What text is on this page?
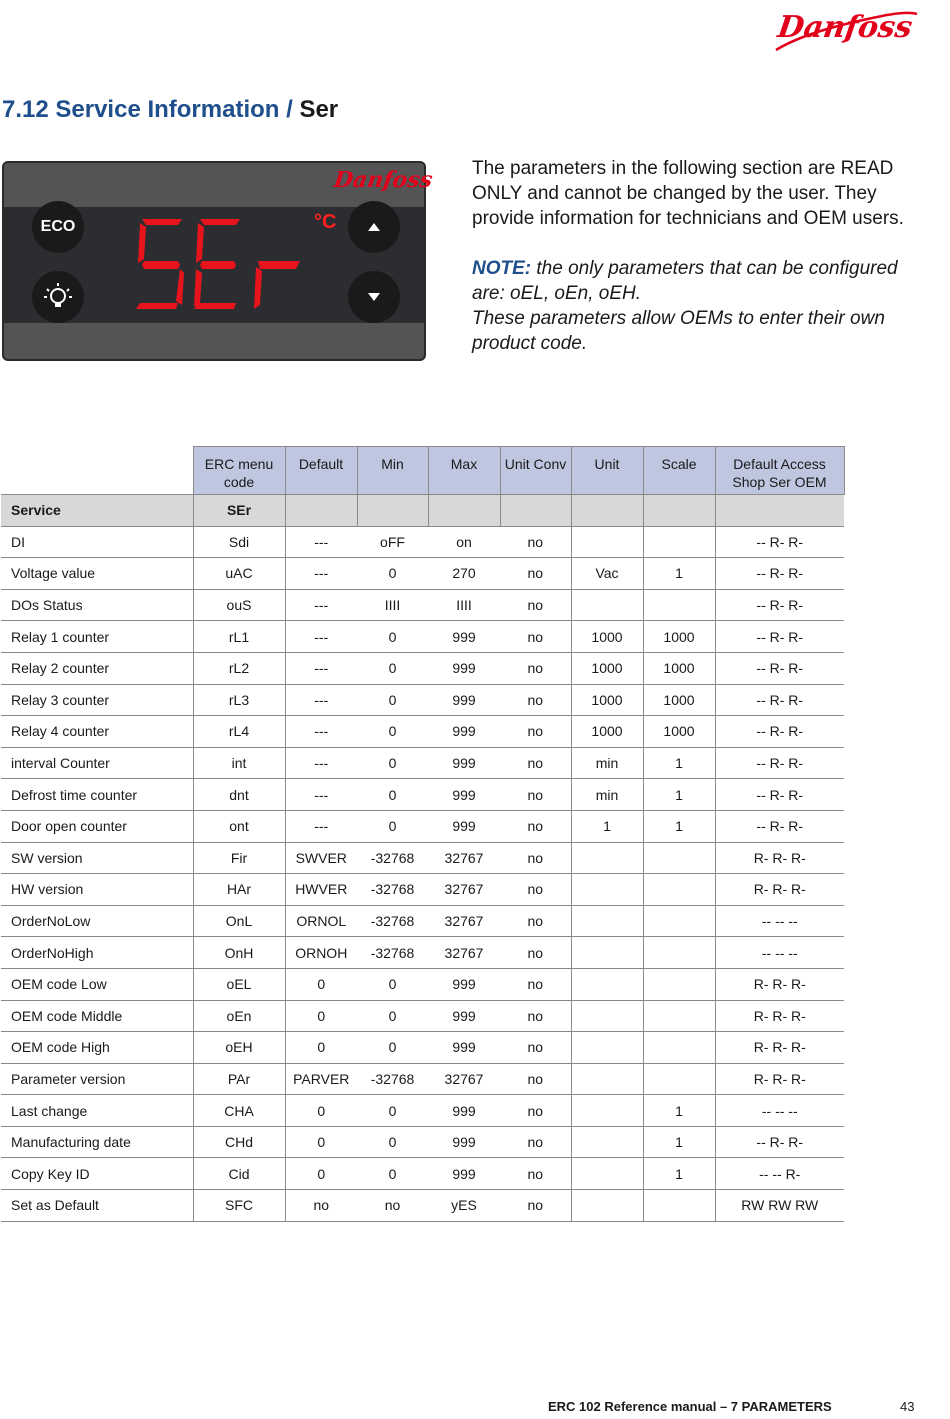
Danfoss
7.12 Service Information / Ser
Danfoss
ECO	°C

The parameters in the following section are READ ONLY and cannot be changed by the user. They provide information for technicians and OEM users.

NOTE: the only parameters that can be configured are: oEL, oEn, oEH.
These parameters allow OEMs to enter their own product code.

	ERC menu code	Default	Min	Max	Unit Conv	Unit	Scale	Default Access Shop Ser OEM
Service	SEr							
DI	Sdi	---	oFF	on	no			-- R- R-
Voltage value	uAC	---	0	270	no	Vac	1	-- R- R-
DOs Status	ouS	---	IIII	IIII	no			-- R- R-
Relay 1 counter	rL1	---	0	999	no	1000	1000	-- R- R-
Relay 2 counter	rL2	---	0	999	no	1000	1000	-- R- R-
Relay 3 counter	rL3	---	0	999	no	1000	1000	-- R- R-
Relay 4 counter	rL4	---	0	999	no	1000	1000	-- R- R-
interval Counter	int	---	0	999	no	min	1	-- R- R-
Defrost time counter	dnt	---	0	999	no	min	1	-- R- R-
Door open counter	ont	---	0	999	no	1	1	-- R- R-
SW version	Fir	SWVER	-32768	32767	no			R- R- R-
HW version	HAr	HWVER	-32768	32767	no			R- R- R-
OrderNoLow	OnL	ORNOL	-32768	32767	no			-- -- --
OrderNoHigh	OnH	ORNOH	-32768	32767	no			-- -- --
OEM code Low	oEL	0	0	999	no			R- R- R-
OEM code Middle	oEn	0	0	999	no			R- R- R-
OEM code High	oEH	0	0	999	no			R- R- R-
Parameter version	PAr	PARVER	-32768	32767	no			R- R- R-
Last change	CHA	0	0	999	no		1	-- -- --
Manufacturing date	CHd	0	0	999	no		1	-- R- R-
Copy Key ID	Cid	0	0	999	no		1	-- -- R-
Set as Default	SFC	no	no	yES	no			RW RW RW
ERC 102 Reference manual – 7 PARAMETERS	43
